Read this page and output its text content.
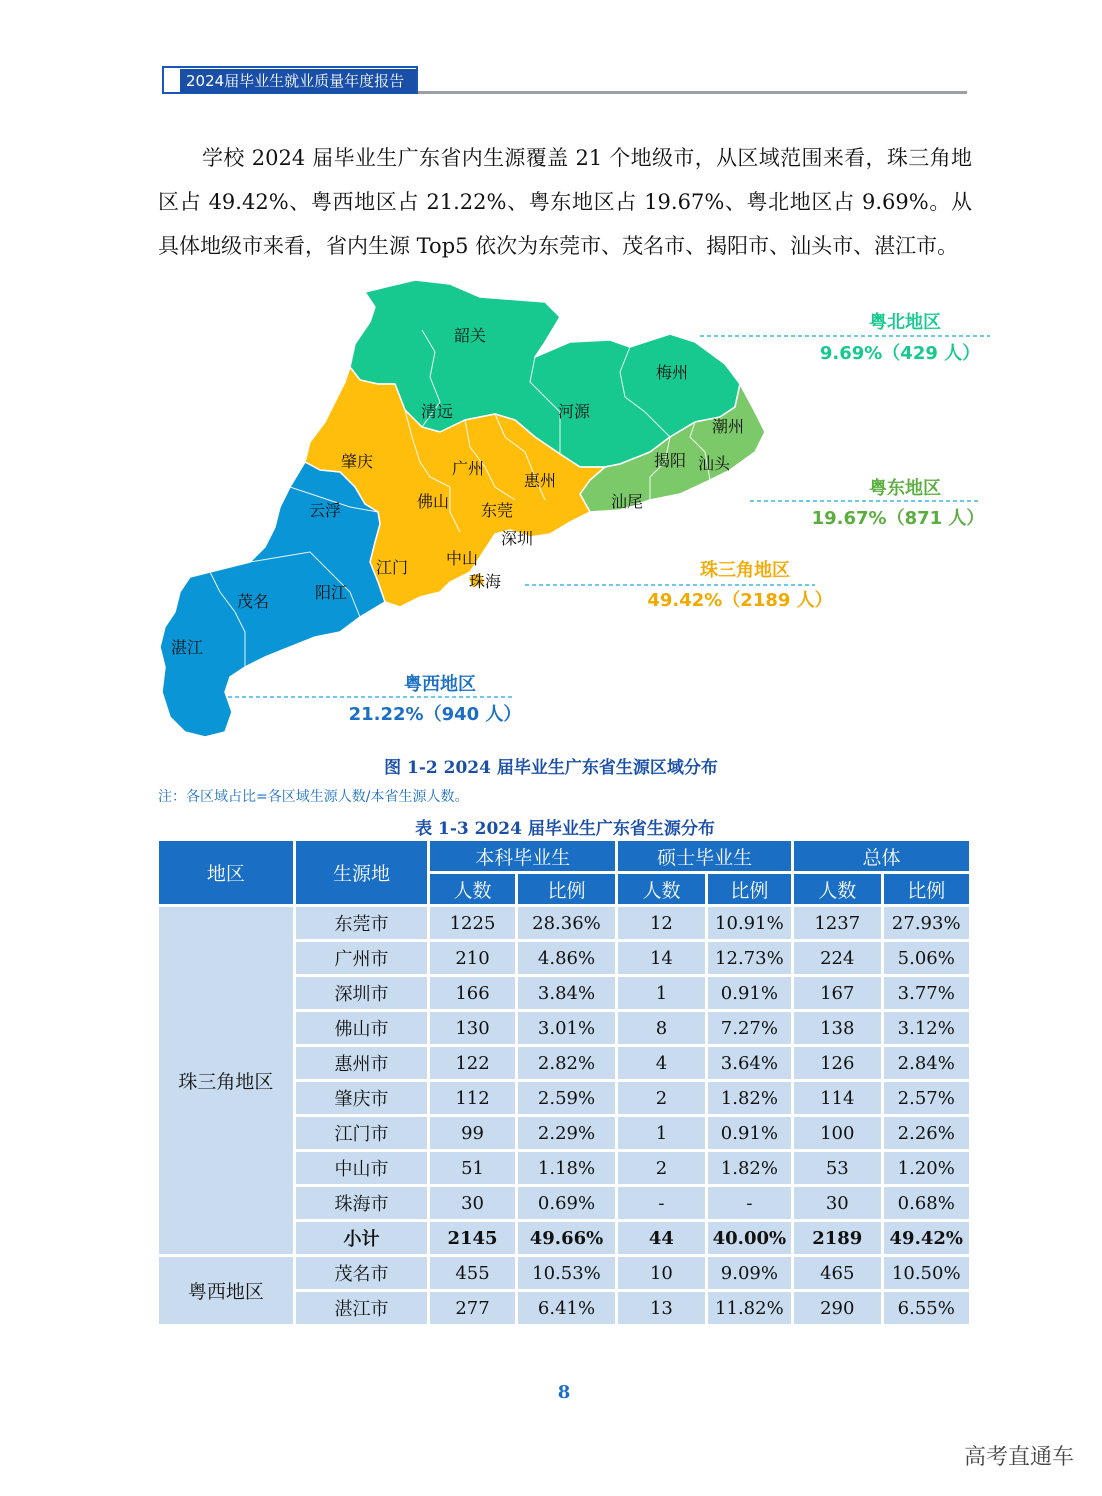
2024届毕业生就业质量年度报告

学校 2024 届毕业生广东省内生源覆盖 21 个地级市，从区域范围来看，珠三角地区占 49.42%、粤西地区占 21.22%、粤东地区占 19.67%、粤北地区占 9.69%。从具体地级市来看，省内生源 Top5 依次为东莞市、茂名市、揭阳市、汕头市、湛江市。

韶关
清远	河源
梅州
潮州
揭阳 汕头
汕尾
肇庆	广州
惠州
佛山 东莞
深圳
江门 中山
珠海
云浮
茂名	阳江
湛江
粤北地区
9.69%（429 人）
粤东地区
19.67%（871 人）
珠三角地区
49.42%（2189 人）
粤西地区
21.22%（940 人）
图 1-2 2024 届毕业生广东省生源区域分布
注：各区域占比=各区域生源人数/本省生源人数。
表 1-3 2024 届毕业生广东省生源分布
地区	生源地	本科毕业生		硕士毕业生		总体	
		人数	比例	人数	比例	人数	比例
珠三角地区	东莞市	1225	28.36%	12	10.91%	1237	27.93%
	广州市	210	4.86%	14	12.73%	224	5.06%
	深圳市	166	3.84%	1	0.91%	167	3.77%
	佛山市	130	3.01%	8	7.27%	138	3.12%
	惠州市	122	2.82%	4	3.64%	126	2.84%
	肇庆市	112	2.59%	2	1.82%	114	2.57%
	江门市	99	2.29%	1	0.91%	100	2.26%
	中山市	51	1.18%	2	1.82%	53	1.20%
	珠海市	30	0.69%	-	-	30	0.68%
	小计	2145	49.66%	44	40.00%	2189	49.42%
粤西地区	茂名市	455	10.53%	10	9.09%	465	10.50%
	湛江市	277	6.41%	13	11.82%	290	6.55%
8
高考直通车
